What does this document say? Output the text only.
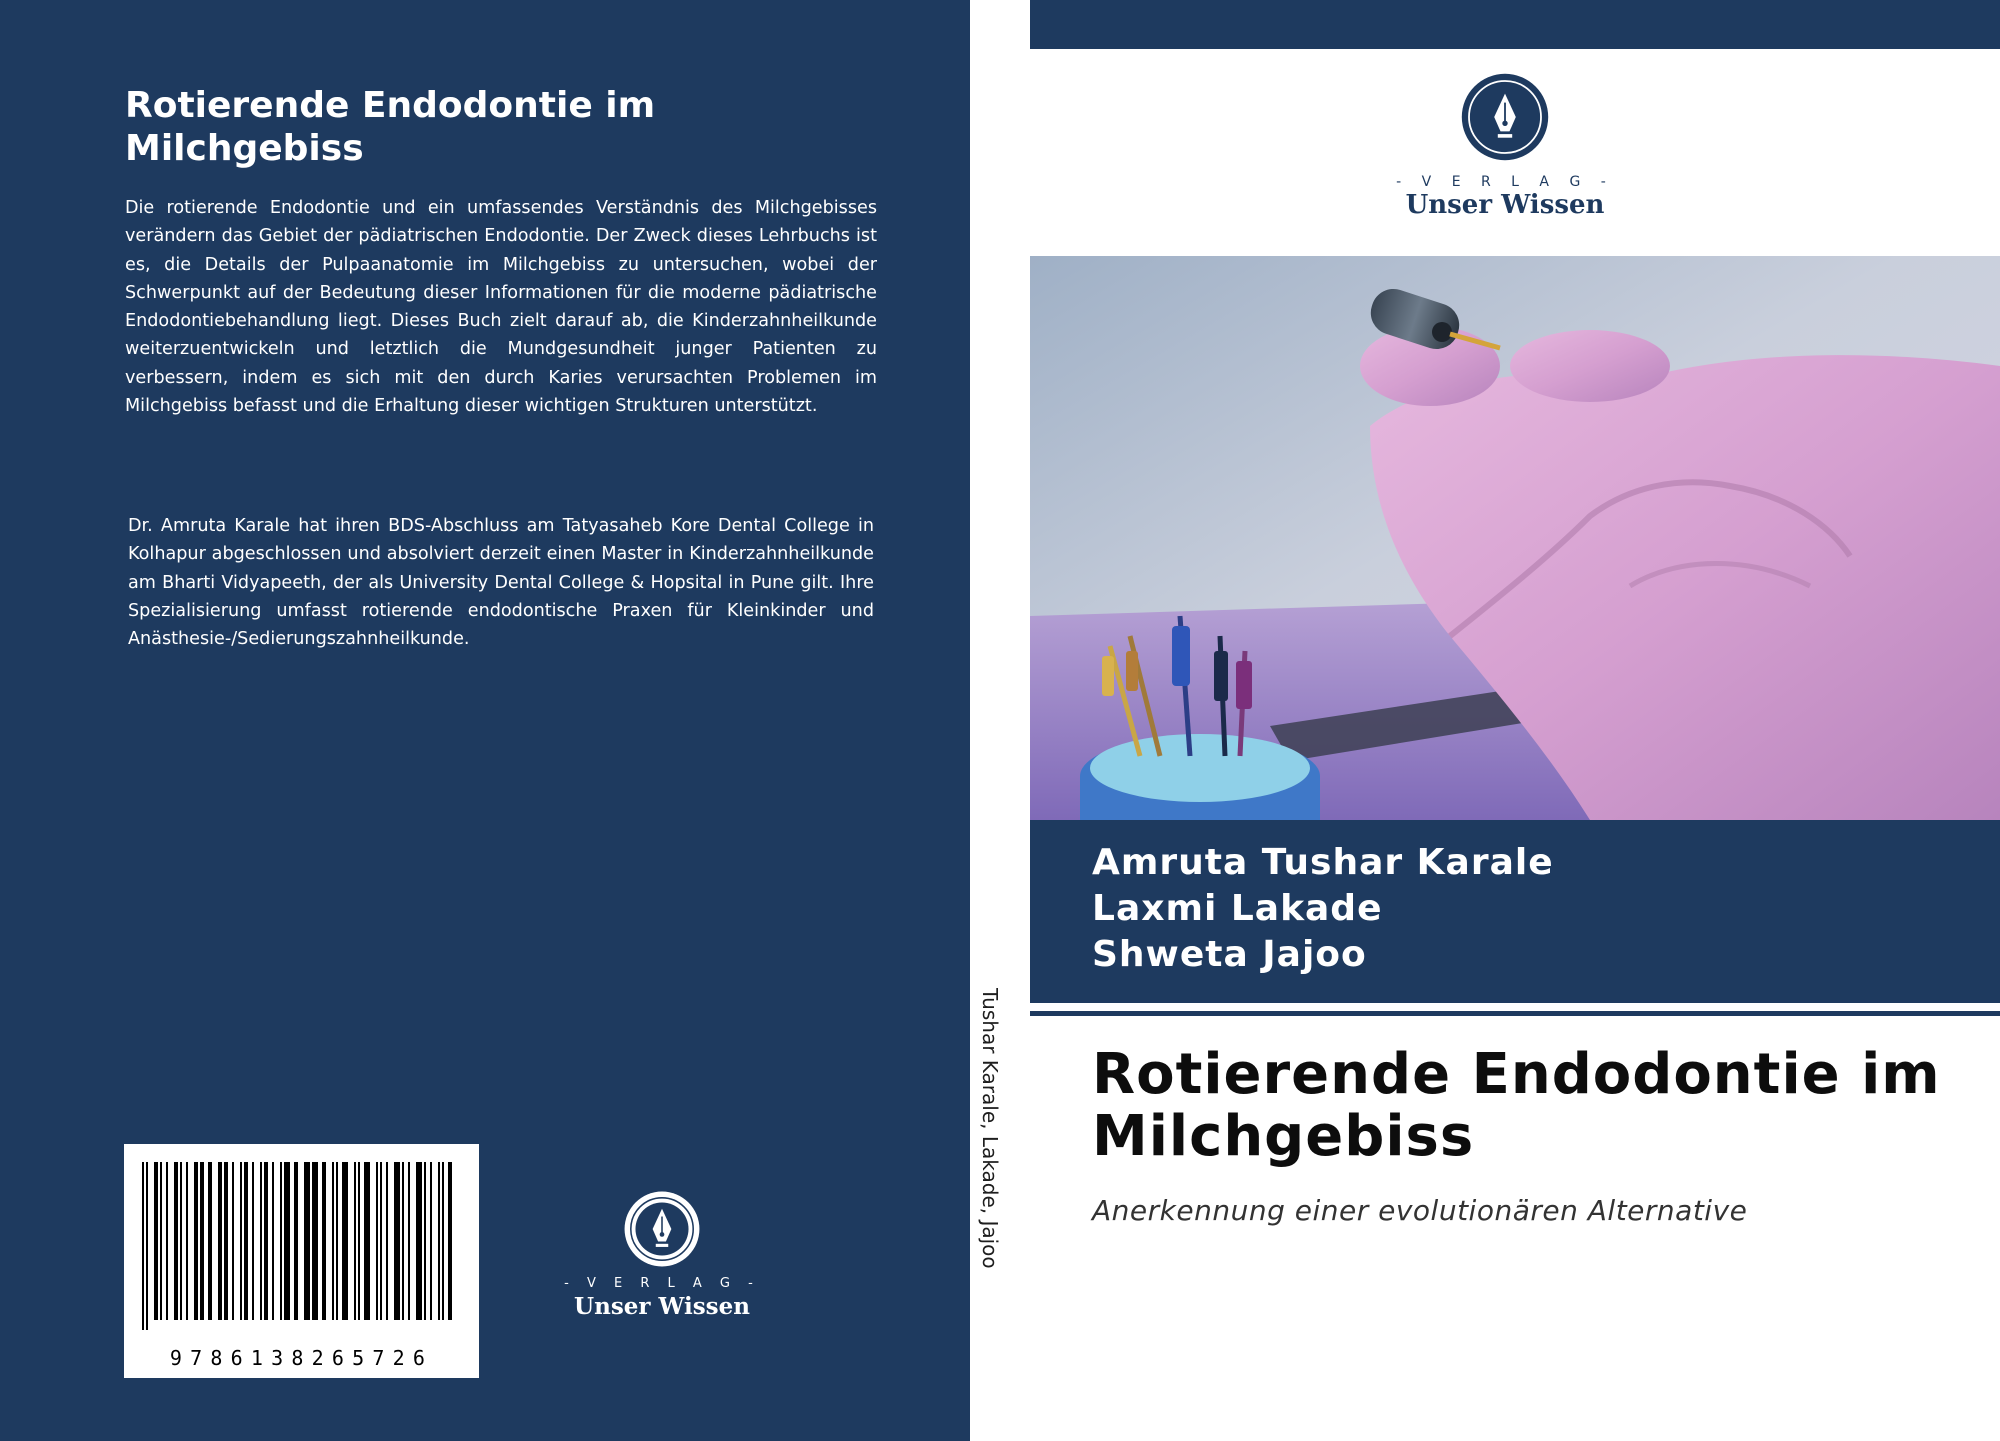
Rotierende Endodontie im Milchgebiss

Die rotierende Endodontie und ein umfassendes Verständnis des Milchgebisses verändern das Gebiet der pädiatrischen Endodontie. Der Zweck dieses Lehrbuchs ist es, die Details der Pulpaanatomie im Milchgebiss zu untersuchen, wobei der Schwerpunkt auf der Bedeutung dieser Informationen für die moderne pädiatrische Endodontiebehandlung liegt. Dieses Buch zielt darauf ab, die Kinderzahnheilkunde weiterzuentwickeln und letztlich die Mundgesundheit junger Patienten zu verbessern, indem es sich mit den durch Karies verursachten Problemen im Milchgebiss befasst und die Erhaltung dieser wichtigen Strukturen unterstützt.

Dr. Amruta Karale hat ihren BDS-Abschluss am Tatyasaheb Kore Dental College in Kolhapur abgeschlossen und absolviert derzeit einen Master in Kinderzahnheilkunde am Bharti Vidyapeeth, der als University Dental College & Hopsital in Pune gilt. Ihre Spezialisierung umfasst rotierende endodontische Praxen für Kleinkinder und Anästhesie-/Sedierungszahnheilkunde.

9786138265726
- V E R L A G -
Unser Wissen
Tushar Karale, Lakade, Jajoo
- V E R L A G -
Unser Wissen
Amruta Tushar Karale
Laxmi Lakade
Shweta Jajoo
Rotierende Endodontie im Milchgebiss

Anerkennung einer evolutionären Alternative
